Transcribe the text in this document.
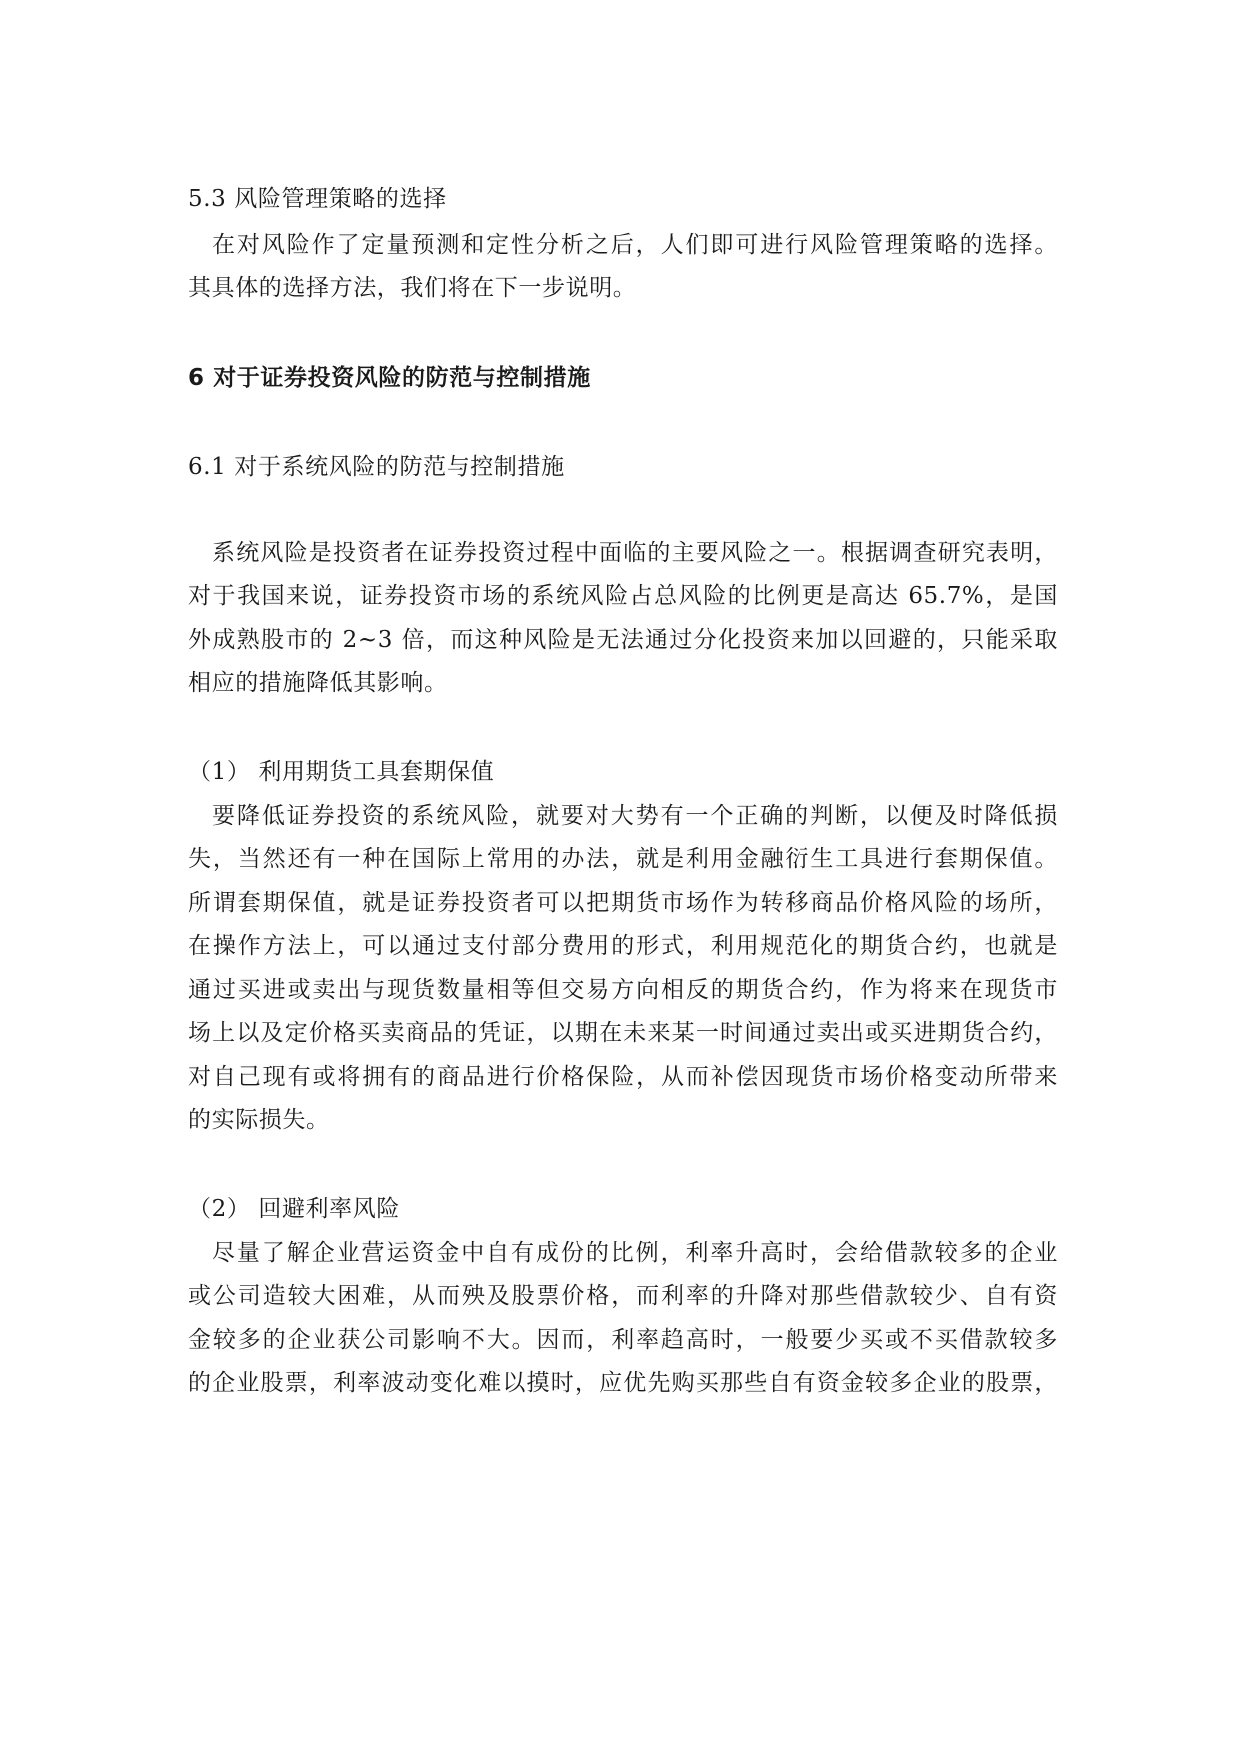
5.3 风险管理策略的选择
在对风险作了定量预测和定性分析之后，人们即可进行风险管理策略的选择。
其具体的选择方法，我们将在下一步说明。
6 对于证券投资风险的防范与控制措施
6.1 对于系统风险的防范与控制措施
系统风险是投资者在证券投资过程中面临的主要风险之一。根据调查研究表明，
对于我国来说，证券投资市场的系统风险占总风险的比例更是高达 65.7%，是国
外成熟股市的 2~3 倍，而这种风险是无法通过分化投资来加以回避的，只能采取
相应的措施降低其影响。
（1） 利用期货工具套期保值
要降低证券投资的系统风险，就要对大势有一个正确的判断，以便及时降低损
失，当然还有一种在国际上常用的办法，就是利用金融衍生工具进行套期保值。
所谓套期保值，就是证券投资者可以把期货市场作为转移商品价格风险的场所，
在操作方法上，可以通过支付部分费用的形式，利用规范化的期货合约，也就是
通过买进或卖出与现货数量相等但交易方向相反的期货合约，作为将来在现货市
场上以及定价格买卖商品的凭证，以期在未来某一时间通过卖出或买进期货合约，
对自己现有或将拥有的商品进行价格保险，从而补偿因现货市场价格变动所带来
的实际损失。
（2） 回避利率风险
尽量了解企业营运资金中自有成份的比例，利率升高时，会给借款较多的企业
或公司造较大困难，从而殃及股票价格，而利率的升降对那些借款较少、自有资
金较多的企业获公司影响不大。因而，利率趋高时，一般要少买或不买借款较多
的企业股票，利率波动变化难以摸时，应优先购买那些自有资金较多企业的股票，
